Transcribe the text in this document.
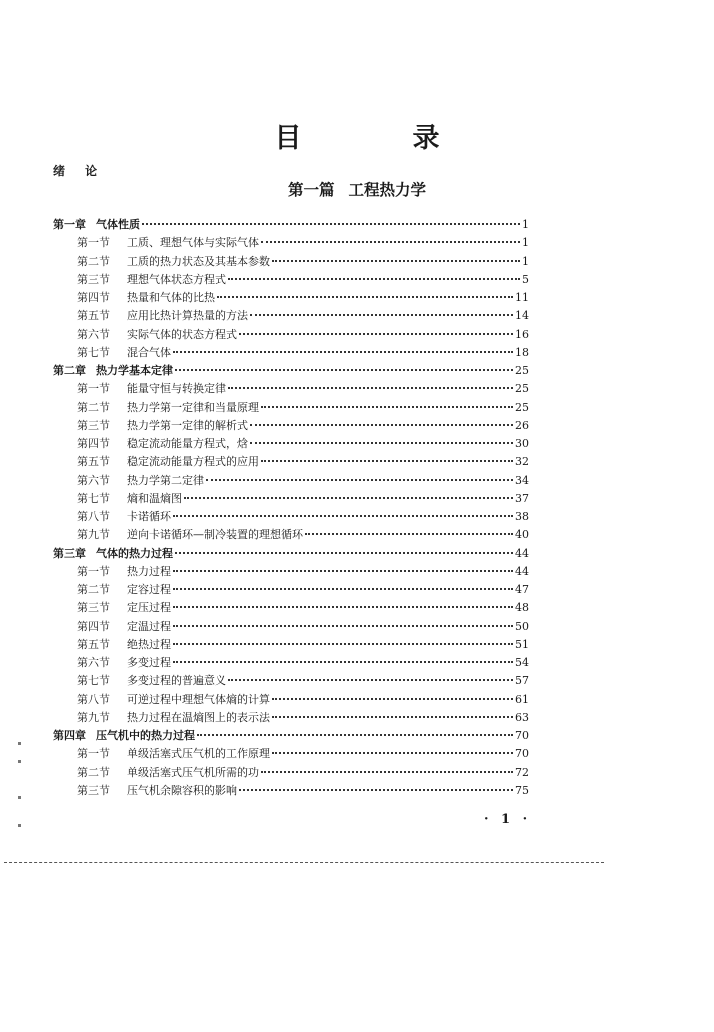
目　录
绪 论
第一篇 工程热力学
第一章 气体性质	1
第一节	工质、理想气体与实际气体	1
第二节	工质的热力状态及其基本参数	1
第三节	理想气体状态方程式	5
第四节	热量和气体的比热	11
第五节	应用比热计算热量的方法	14
第六节	实际气体的状态方程式	16
第七节	混合气体	18
第二章 热力学基本定律	25
第一节	能量守恒与转换定律	25
第二节	热力学第一定律和当量原理	25
第三节	热力学第一定律的解析式	26
第四节	稳定流动能量方程式，焓	30
第五节	稳定流动能量方程式的应用	32
第六节	热力学第二定律	34
第七节	熵和温熵图	37
第八节	卡诺循环	38
第九节	逆向卡诺循环—制冷装置的理想循环	40
第三章 气体的热力过程	44
第一节	热力过程	44
第二节	定容过程	47
第三节	定压过程	48
第四节	定温过程	50
第五节	绝热过程	51
第六节	多变过程	54
第七节	多变过程的普遍意义	57
第八节	可逆过程中理想气体熵的计算	61
第九节	热力过程在温熵图上的表示法	63
第四章 压气机中的热力过程	70
第一节	单级活塞式压气机的工作原理	70
第二节	单级活塞式压气机所需的功	72
第三节	压气机余隙容积的影响	75
· 1 ·
